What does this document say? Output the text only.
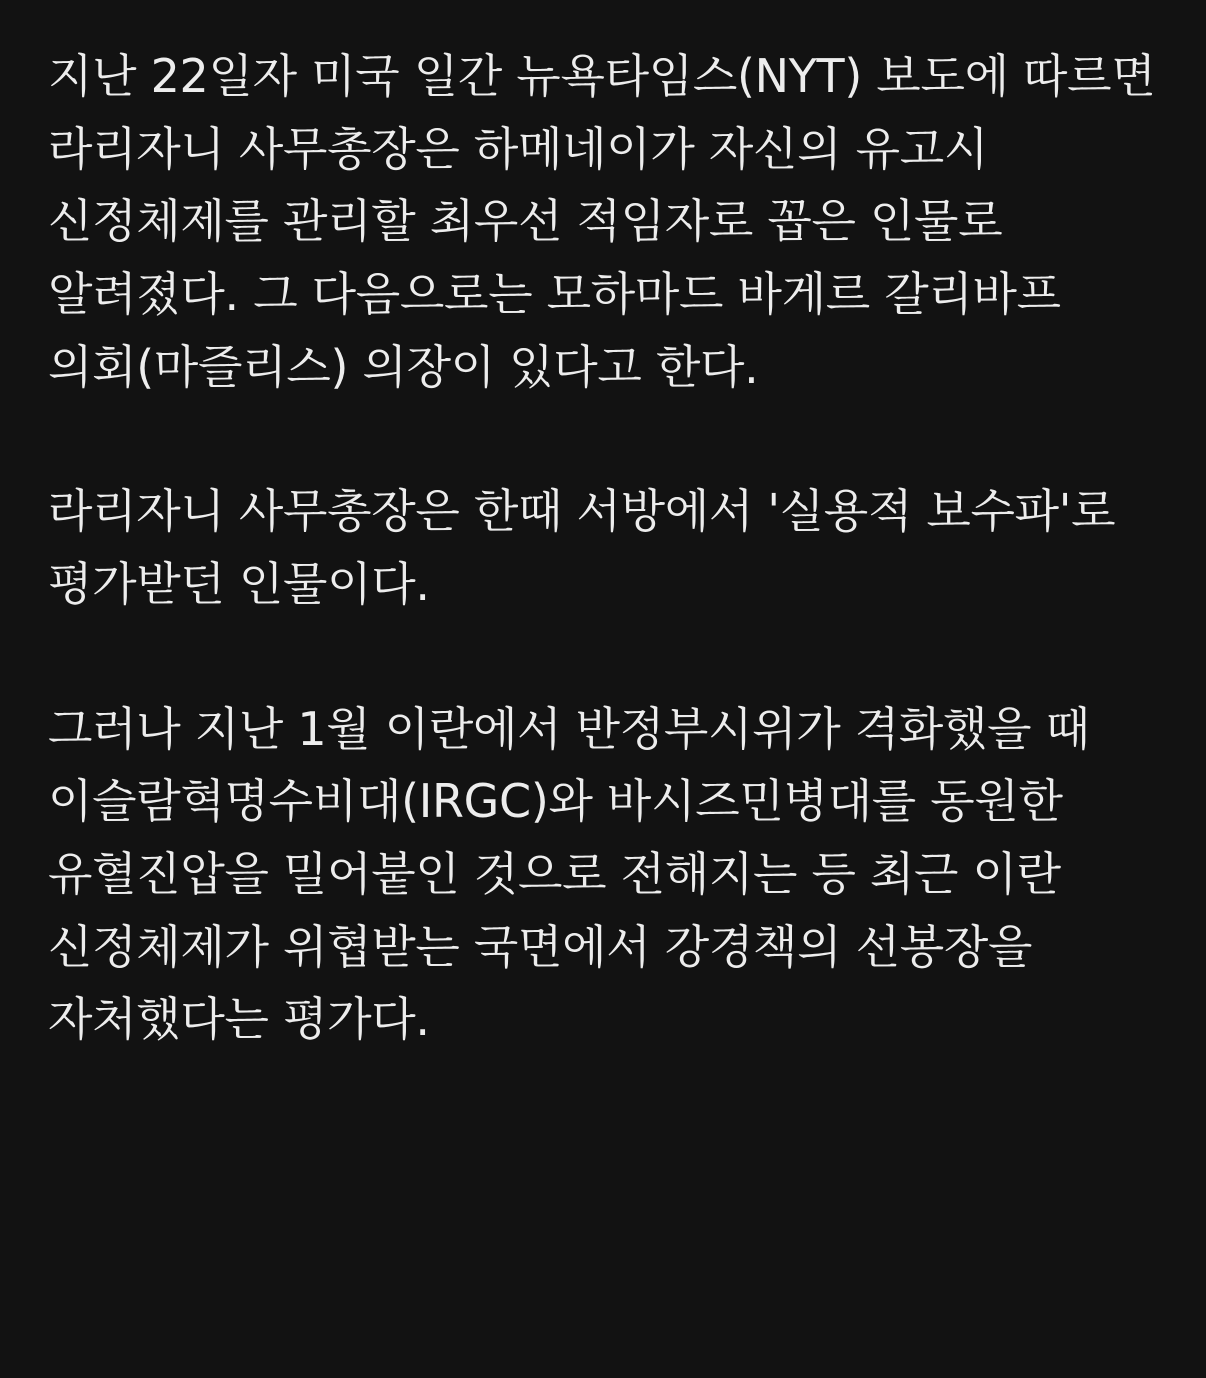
지난 22일자 미국 일간 뉴욕타임스(NYT) 보도에 따르면 라리자니 사무총장은 하메네이가 자신의 유고시 신정체제를 관리할 최우선 적임자로 꼽은 인물로 알려졌다. 그 다음으로는 모하마드 바게르 갈리바프 의회(마즐리스) 의장이 있다고 한다.

라리자니 사무총장은 한때 서방에서 '실용적 보수파'로 평가받던 인물이다.

그러나 지난 1월 이란에서 반정부시위가 격화했을 때 이슬람혁명수비대(IRGC)와 바시즈민병대를 동원한 유혈진압을 밀어붙인 것으로 전해지는 등 최근 이란 신정체제가 위협받는 국면에서 강경책의 선봉장을 자처했다는 평가다.
